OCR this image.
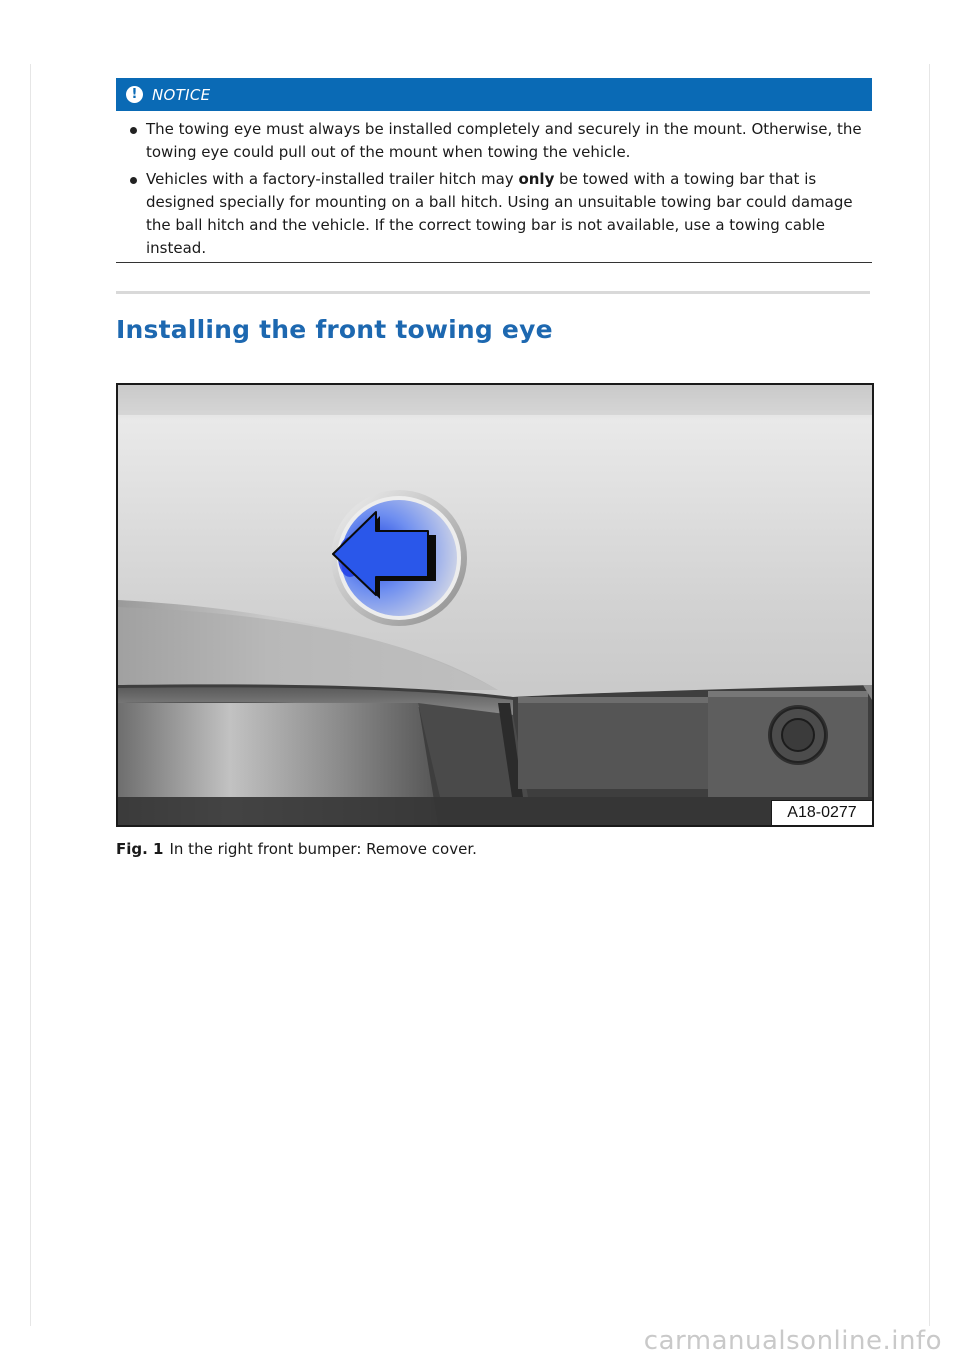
! NOTICE
The towing eye must always be installed completely and securely in the mount. Otherwise, the towing eye could pull out of the mount when towing the vehicle.
Vehicles with a factory-installed trailer hitch may only be towed with a towing bar that is designed specially for mounting on a ball hitch. Using an unsuitable towing bar could damage the ball hitch and the vehicle. If the correct towing bar is not available, use a towing cable instead.
Installing the front towing eye
A18-0277
Fig. 1 In the right front bumper: Remove cover.
carmanualsonline.info
